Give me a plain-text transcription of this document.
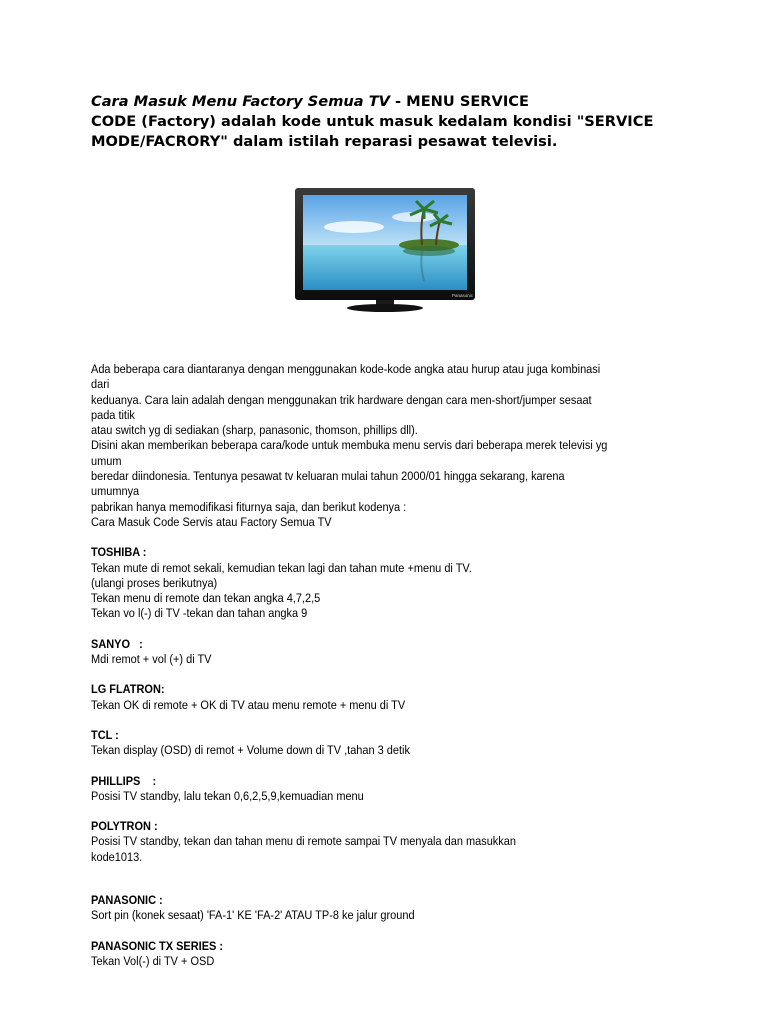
Cara Masuk Menu Factory Semua TV - MENU SERVICE
CODE (Factory) adalah kode untuk masuk kedalam kondisi "SERVICE
MODE/FACRORY" dalam istilah reparasi pesawat televisi.
Panasonic

Ada beberapa cara diantaranya dengan menggunakan kode-kode angka atau hurup atau juga kombinasi dari
keduanya. Cara lain adalah dengan menggunakan trik hardware dengan cara men-short/jumper sesaat pada titik
atau switch yg di sediakan (sharp, panasonic, thomson, phillips dll).
Disini akan memberikan beberapa cara/kode untuk membuka menu servis dari beberapa merek televisi yg umum
beredar diindonesia. Tentunya pesawat tv keluaran mulai tahun 2000/01 hingga sekarang, karena umumnya
pabrikan hanya memodifikasi fiturnya saja, dan berikut kodenya :
Cara Masuk Code Servis atau Factory Semua TV

TOSHIBA :
Tekan mute di remot sekali, kemudian tekan lagi dan tahan mute +menu di TV.
(ulangi proses berikutnya)
Tekan menu di remote dan tekan angka 4,7,2,5
Tekan vo l(-) di TV -tekan dan tahan angka 9
SANYO   :
Mdi remot + vol (+) di TV
LG FLATRON:
Tekan OK di remote + OK di TV atau menu remote + menu di TV
TCL :
Tekan display (OSD) di remot + Volume down di TV ,tahan 3 detik
PHILLIPS    :
Posisi TV standby, lalu tekan 0,6,2,5,9,kemuadian menu
POLYTRON :
Posisi TV standby, tekan dan tahan menu di remote sampai TV menyala dan masukkan
kode1013.
PANASONIC :
Sort pin (konek sesaat) 'FA-1' KE 'FA-2' ATAU TP-8 ke jalur ground
PANASONIC TX SERIES :
Tekan Vol(-) di TV + OSD
